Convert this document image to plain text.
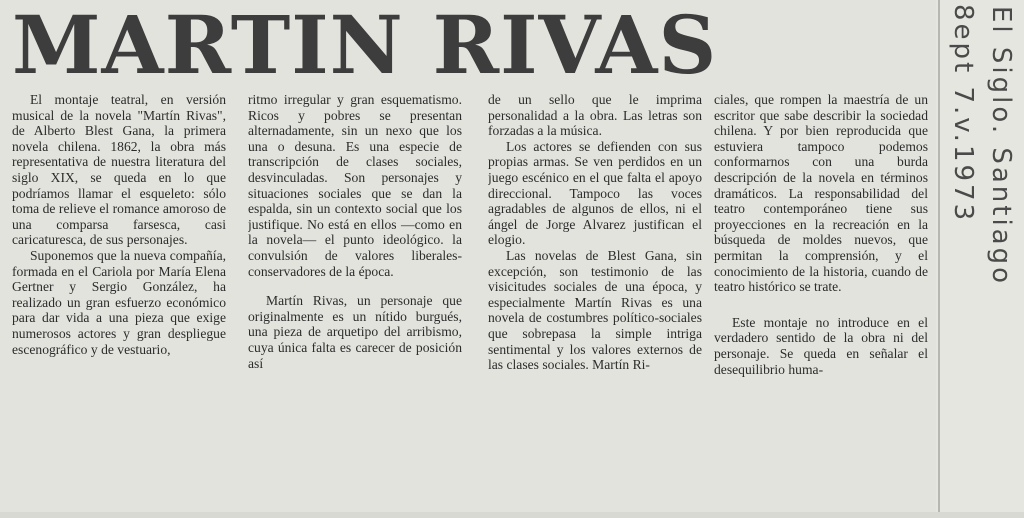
MARTIN RIVAS

El montaje teatral, en versión musical de la novela "Martín Rivas", de Alberto Blest Gana, la primera novela chilena. 1862, la obra más representativa de nuestra literatura del siglo XIX, se queda en lo que podríamos llamar el esqueleto: sólo toma de relieve el romance amoroso de una comparsa farsesca, casi caricaturesca, de sus personajes.

Suponemos que la nueva compañía, formada en el Cariola por María Elena Gertner y Sergio González, ha realizado un gran esfuerzo económico para dar vida a una pieza que exige numerosos actores y gran despliegue escenográfico y de vestuario,

ritmo irregular y gran esquematismo. Ricos y pobres se presentan alternadamente, sin un nexo que los una o desuna. Es una especie de transcripción de clases sociales, desvinculadas. Son personajes y situaciones sociales que se dan la espalda, sin un contexto social que los justifique. No está en ellos —como en la novela— el punto ideológico. la convulsión de valores liberales-conservadores de la época.

Martín Rivas, un personaje que originalmente es un nítido burgués, una pieza de arquetipo del arribismo, cuya única falta es carecer de posición así

de un sello que le imprima personalidad a la obra. Las letras son forzadas a la música.

Los actores se defienden con sus propias armas. Se ven perdidos en un juego escénico en el que falta el apoyo direccional. Tampoco las voces agradables de algunos de ellos, ni el ángel de Jorge Alvarez justifican el elogio.

Las novelas de Blest Gana, sin excepción, son testimonio de las visicitudes sociales de una época, y especialmente Martín Rivas es una novela de costumbres político-sociales que sobrepasa la simple intriga sentimental y los valores externos de las clases sociales. Martín Ri-

ciales, que rompen la maestría de un escritor que sabe describir la sociedad chilena. Y por bien reproducida que estuviera tampoco podemos conformarnos con una burda descripción de la novela en términos dramáticos. La responsabilidad del teatro contemporáneo tiene sus proyecciones en la recreación en la búsqueda de moldes nuevos, que permitan la comprensión, y el conocimiento de la historia, cuando de teatro histórico se trate.

Este montaje no introduce en el verdadero sentido de la obra ni del personaje. Se queda en señalar el desequilibrio huma-

8ept 7.v.1973 El Siglo. Santiago
